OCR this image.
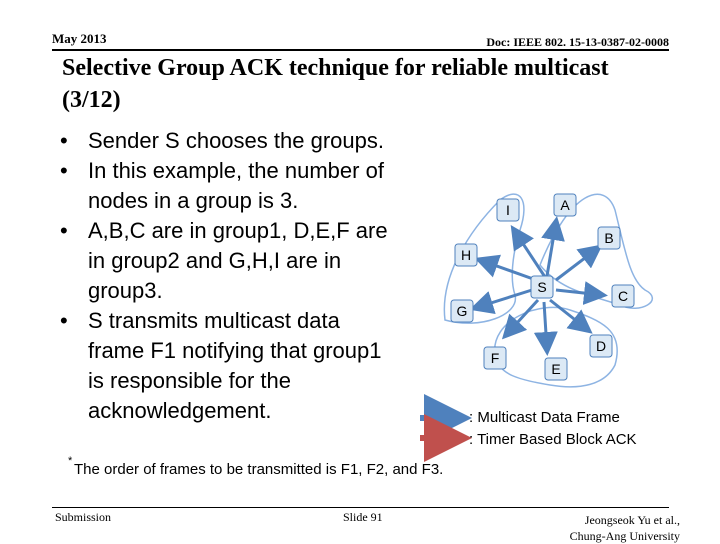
May 2013	Doc: IEEE 802. 15-13-0387-02-0008
Selective Group ACK technique for reliable multicast (3/12)
• Sender S chooses the groups.
• In this example, the number of nodes in a group is 3.
• A,B,C are in group1, D,E,F are in group2 and G,H,I are in group3.
• S transmits multicast data frame F1 notifying that group1 is responsible for the acknowledgement.
* The order of frames to be transmitted is F1, F2, and F3.
I	A
B
H
S
C
G
D
F
E
: Multicast Data Frame
: Timer Based Block ACK
Submission	Slide 91	Jeongseok Yu et al.,
Chung-Ang University
